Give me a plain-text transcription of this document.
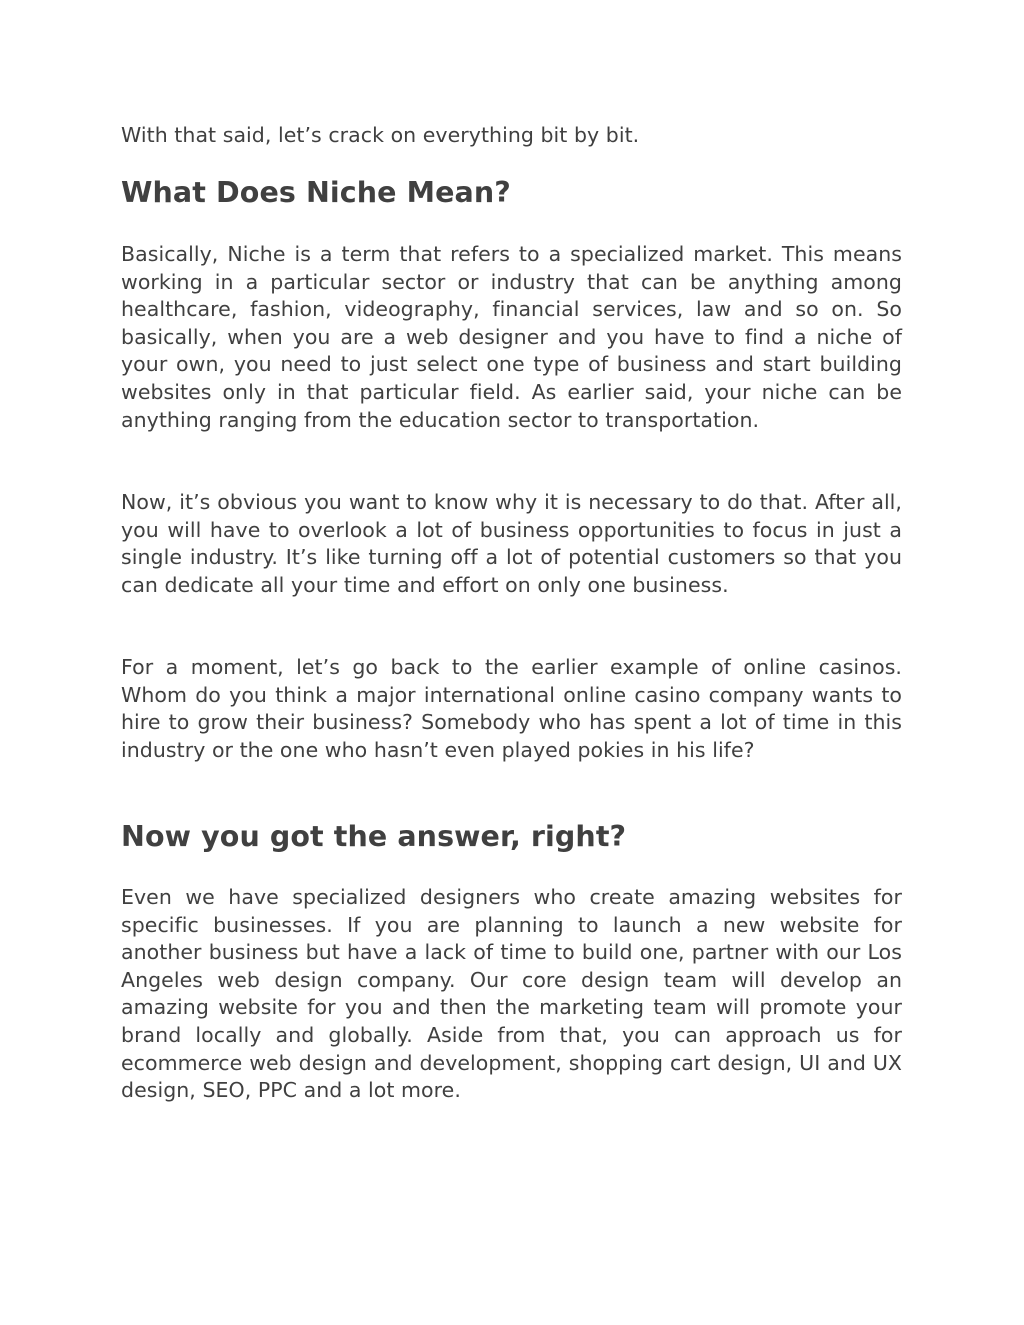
With that said, let’s crack on everything bit by bit.

What Does Niche Mean?

Basically, Niche is a term that refers to a specialized market. This means working in a particular sector or industry that can be anything among healthcare, fashion, videography, financial services, law and so on. So basically, when you are a web designer and you have to find a niche of your own, you need to just select one type of business and start building websites only in that particular field. As earlier said, your niche can be anything ranging from the education sector to transportation.

Now, it’s obvious you want to know why it is necessary to do that. After all, you will have to overlook a lot of business opportunities to focus in just a single industry. It’s like turning off a lot of potential customers so that you can dedicate all your time and effort on only one business.

For a moment, let’s go back to the earlier example of online casinos. Whom do you think a major international online casino company wants to hire to grow their business? Somebody who has spent a lot of time in this industry or the one who hasn’t even played pokies in his life?

Now you got the answer, right?

Even we have specialized designers who create amazing websites for specific businesses. If you are planning to launch a new website for another business but have a lack of time to build one, partner with our Los Angeles web design company. Our core design team will develop an amazing website for you and then the marketing team will promote your brand locally and globally. Aside from that, you can approach us for ecommerce web design and development, shopping cart design, UI and UX design, SEO, PPC and a lot more.
